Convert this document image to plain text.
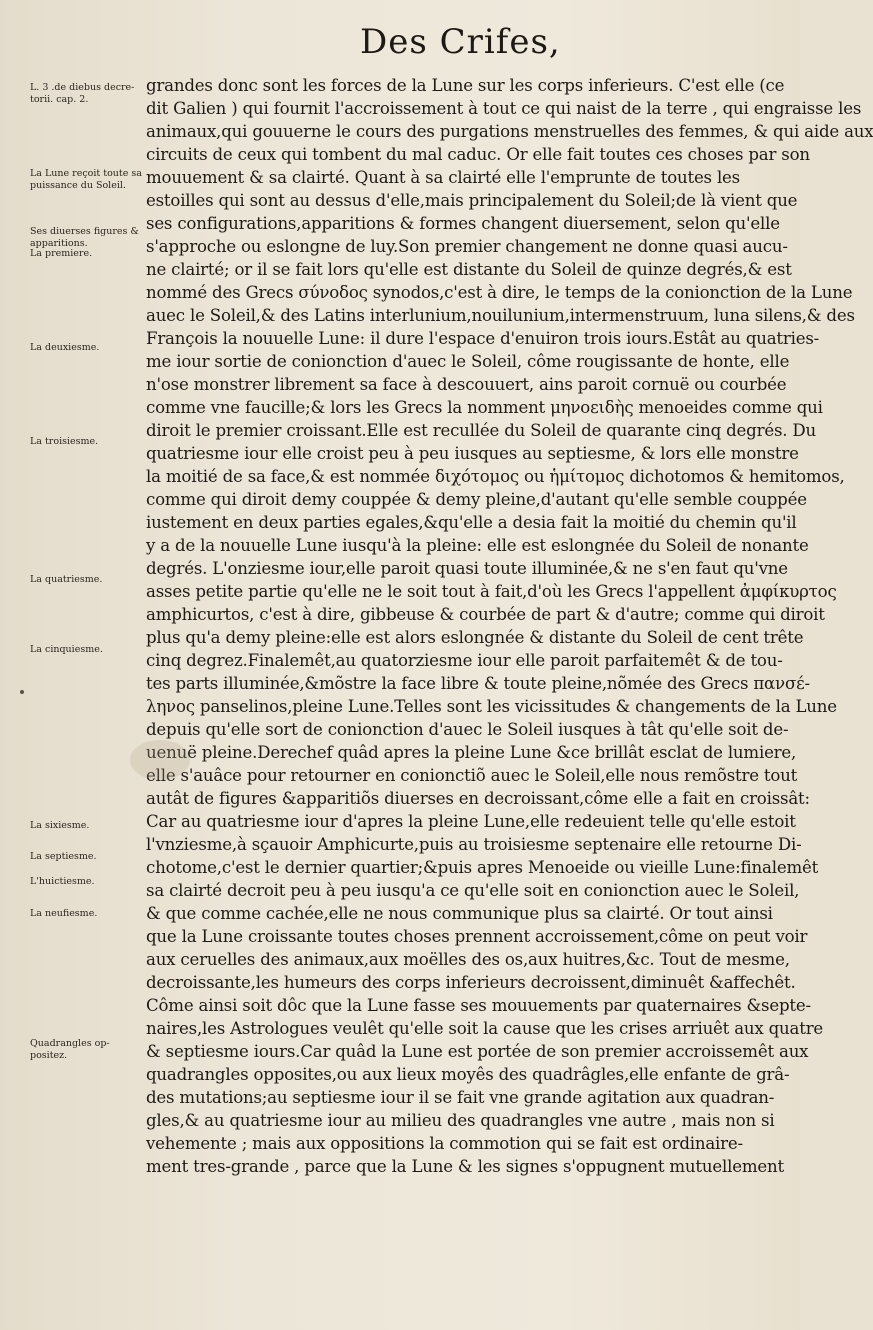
Des Crifes,
L. 3 .de diebus decre-torii. cap. 2.
La Lune reçoit toute sa puissance du Soleil.
Ses diuerses figures & apparitions.
La premiere.
La deuxiesme.
La troisiesme.
La quatriesme.
La cinquiesme.
La sixiesme.
La septiesme.
L'huictiesme.
La neufiesme.
Quadrangles op-positez.
grandes donc sont les forces de la Lune sur les corps inferieurs. C'est elle (ce
dit Galien ) qui fournit l'accroissement à tout ce qui naist de la terre , qui engraisse les
animaux,qui gouuerne le cours des purgations menstruelles des femmes, & qui aide aux
circuits de ceux qui tombent du mal caduc. Or elle fait toutes ces choses par son
mouuement & sa clairté. Quant à sa clairté elle l'emprunte de toutes les
estoilles qui sont au dessus d'elle,mais principalement du Soleil;de là vient que
ses configurations,apparitions & formes changent diuersement, selon qu'elle
s'approche ou eslongne de luy.Son premier changement ne donne quasi aucu-
ne clairté; or il se fait lors qu'elle est distante du Soleil de quinze degrés,& est
nommé des Grecs σύνοδος synodos,c'est à dire, le temps de la conionction de la Lune
auec le Soleil,& des Latins interlunium,nouilunium,intermenstruum, luna silens,& des
François la nouuelle Lune: il dure l'espace d'enuiron trois iours.Estât au quatries-
me iour sortie de conionction d'auec le Soleil, côme rougissante de honte, elle
n'ose monstrer librement sa face à descouuert, ains paroit cornuë ou courbée
comme vne faucille;& lors les Grecs la nomment μηνοειδὴς menoeides comme qui
diroit le premier croissant.Elle est recullée du Soleil de quarante cinq degrés. Du
quatriesme iour elle croist peu à peu iusques au septiesme, & lors elle monstre
la moitié de sa face,& est nommée διχότομος ou ἡμίτομος dichotomos & hemitomos,
comme qui diroit demy couppée & demy pleine,d'autant qu'elle semble couppée
iustement en deux parties egales,&qu'elle a desia fait la moitié du chemin qu'il
y a de la nouuelle Lune iusqu'à la pleine: elle est eslongnée du Soleil de nonante
degrés. L'onziesme iour,elle paroit quasi toute illuminée,& ne s'en faut qu'vne
asses petite partie qu'elle ne le soit tout à fait,d'où les Grecs l'appellent ἀμφίκυρτος
amphicurtos, c'est à dire, gibbeuse & courbée de part & d'autre; comme qui diroit
plus qu'a demy pleine:elle est alors eslongnée & distante du Soleil de cent trête
cinq degrez.Finalemêt,au quatorziesme iour elle paroit parfaitemêt & de tou-
tes parts illuminée,&mõstre la face libre & toute pleine,nõmée des Grecs πανσέ-
ληνος panselinos,pleine Lune.Telles sont les vicissitudes & changements de la Lune
depuis qu'elle sort de conionction d'auec le Soleil iusques à tât qu'elle soit de-
uenuë pleine.Derechef quâd apres la pleine Lune &ce brillât esclat de lumiere,
elle s'auâce pour retourner en conionctiõ auec le Soleil,elle nous remõstre tout
autât de figures &apparitiõs diuerses en decroissant,côme elle a fait en croissât:
Car au quatriesme iour d'apres la pleine Lune,elle redeuient telle qu'elle estoit
l'vnziesme,à sçauoir Amphicurte,puis au troisiesme septenaire elle retourne Di-
chotome,c'est le dernier quartier;&puis apres Menoeide ou vieille Lune:finalemêt
sa clairté decroit peu à peu iusqu'a ce qu'elle soit en conionction auec le Soleil,
& que comme cachée,elle ne nous communique plus sa clairté. Or tout ainsi
que la Lune croissante toutes choses prennent accroissement,côme on peut voir
aux ceruelles des animaux,aux moëlles des os,aux huitres,&c. Tout de mesme,
decroissante,les humeurs des corps inferieurs decroissent,diminuêt &affechêt.
Côme ainsi soit dôc que la Lune fasse ses mouuements par quaternaires &septe-
naires,les Astrologues veulêt qu'elle soit la cause que les crises arriuêt aux quatre
& septiesme iours.Car quâd la Lune est portée de son premier accroissemêt aux
quadrangles opposites,ou aux lieux moyês des quadrâgles,elle enfante de grâ-
des mutations;au septiesme iour il se fait vne grande agitation aux quadran-
gles,& au quatriesme iour au milieu des quadrangles vne autre , mais non si
vehemente ; mais aux oppositions la commotion qui se fait est ordinaire-
ment tres-grande , parce que la Lune & les signes s'oppugnent mutuellement
